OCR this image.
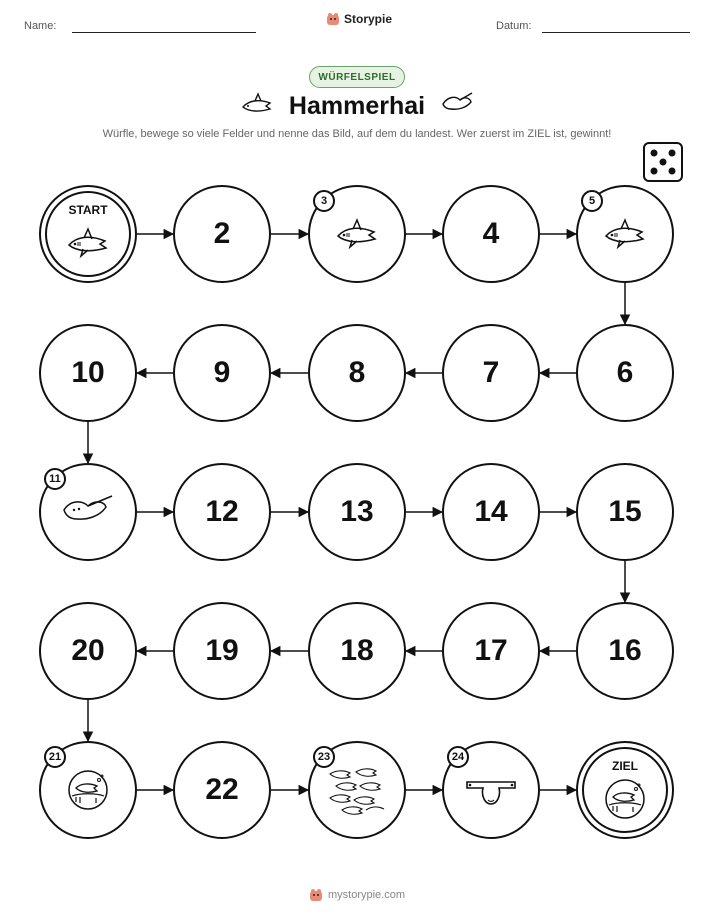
Name:	Storypie	Datum:
WÜRFELSPIEL
Hammerhai
Würfle, bewege so viele Felder und nenne das Bild, auf dem du landest. Wer zuerst im ZIEL ist, gewinnt!
START
2
3
4
5
6
7
8
9
10
11
12	13	14	15
16
17
18
19
20
21
22
23	24
ZIEL
mystorypie.com
